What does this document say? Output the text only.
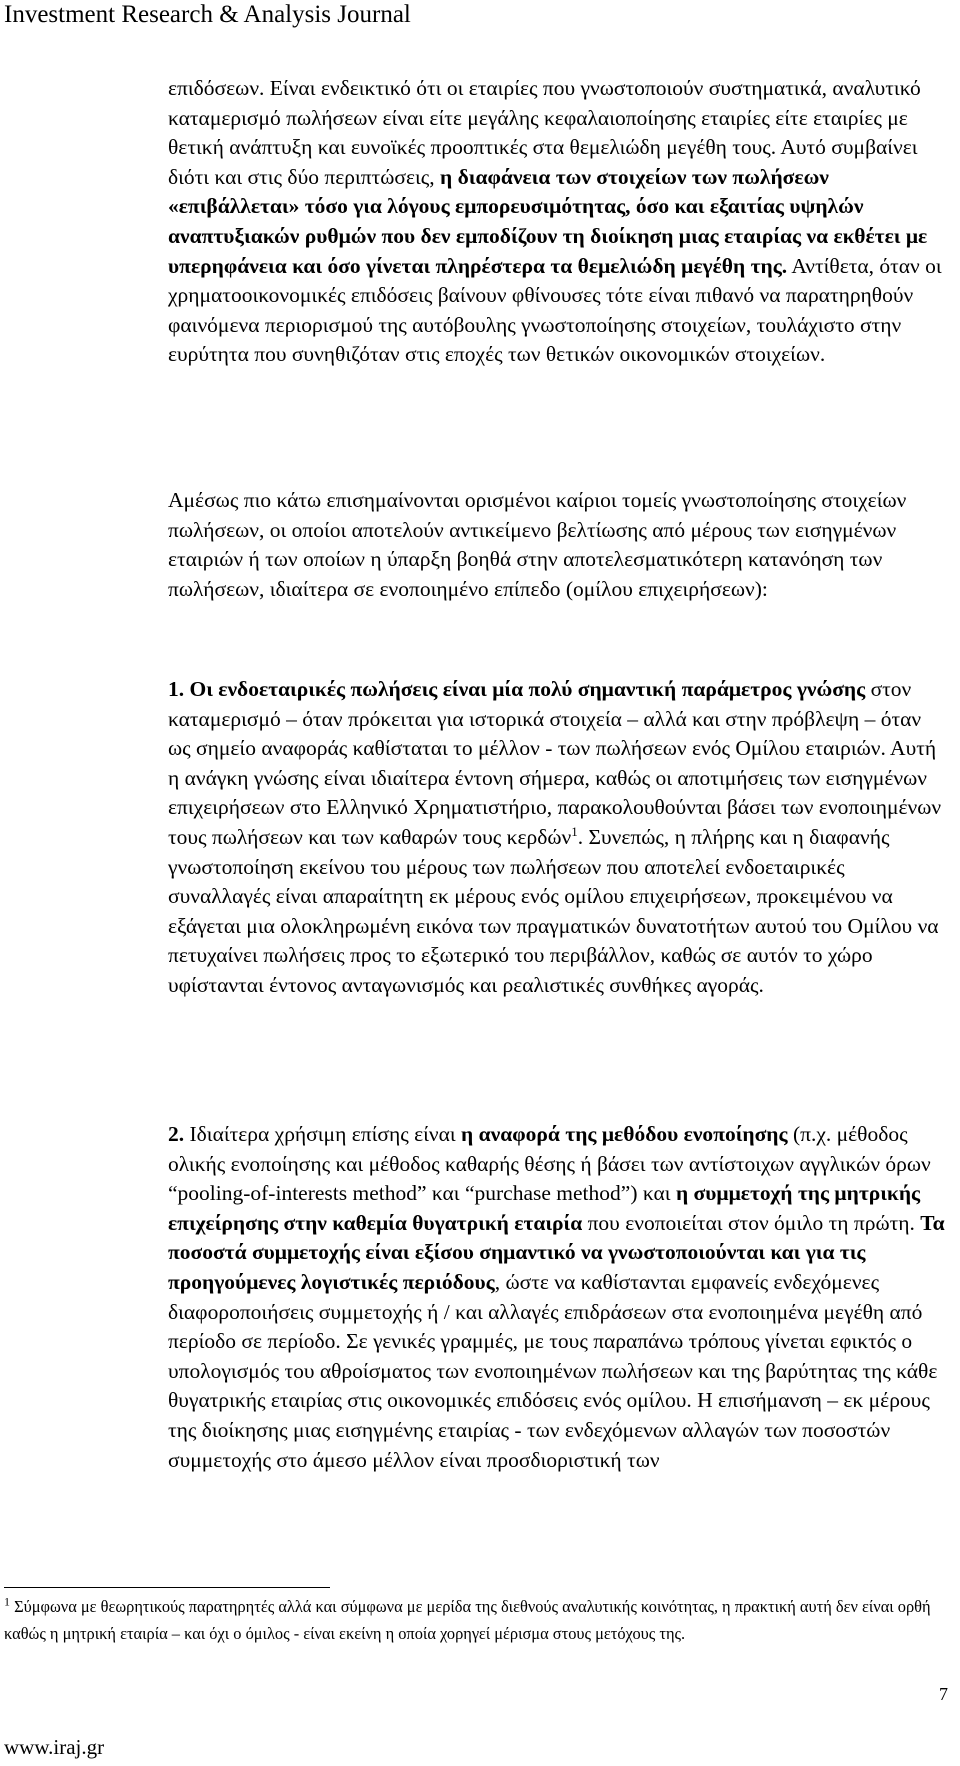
Investment Research & Analysis Journal
επιδόσεων. Είναι ενδεικτικό ότι οι εταιρίες που γνωστοποιούν συστηματικά, αναλυτικό καταμερισμό πωλήσεων είναι είτε μεγάλης κεφαλαιοποίησης εταιρίες είτε εταιρίες με θετική ανάπτυξη και ευνοϊκές προοπτικές στα θεμελιώδη μεγέθη τους. Αυτό συμβαίνει διότι και στις δύο περιπτώσεις, η διαφάνεια των στοιχείων των πωλήσεων «επιβάλλεται» τόσο για λόγους εμπορευσιμότητας, όσο και εξαιτίας υψηλών αναπτυξιακών ρυθμών που δεν εμποδίζουν τη διοίκηση μιας εταιρίας να εκθέτει με υπερηφάνεια και όσο γίνεται πληρέστερα τα θεμελιώδη μεγέθη της. Αντίθετα, όταν οι χρηματοοικονομικές επιδόσεις βαίνουν φθίνουσες τότε είναι πιθανό να παρατηρηθούν φαινόμενα περιορισμού της αυτόβουλης γνωστοποίησης στοιχείων, τουλάχιστο στην ευρύτητα που συνηθιζόταν στις εποχές των θετικών οικονομικών στοιχείων.
Αμέσως πιο κάτω επισημαίνονται ορισμένοι καίριοι τομείς γνωστοποίησης στοιχείων πωλήσεων, οι οποίοι αποτελούν αντικείμενο βελτίωσης από μέρους των εισηγμένων εταιριών ή των οποίων η ύπαρξη βοηθά στην αποτελεσματικότερη κατανόηση των πωλήσεων, ιδιαίτερα σε ενοποιημένο επίπεδο (ομίλου επιχειρήσεων):
1. Οι ενδοεταιρικές πωλήσεις είναι μία πολύ σημαντική παράμετρος γνώσης στον καταμερισμό – όταν πρόκειται για ιστορικά στοιχεία – αλλά και στην πρόβλεψη – όταν ως σημείο αναφοράς καθίσταται το μέλλον - των πωλήσεων ενός Ομίλου εταιριών. Αυτή η ανάγκη γνώσης είναι ιδιαίτερα έντονη σήμερα, καθώς οι αποτιμήσεις των εισηγμένων επιχειρήσεων στο Ελληνικό Χρηματιστήριο, παρακολουθούνται βάσει των ενοποιημένων τους πωλήσεων και των καθαρών τους κερδών$^1$. Συνεπώς, η πλήρης και η διαφανής γνωστοποίηση εκείνου του μέρους των πωλήσεων που αποτελεί ενδοεταιρικές συναλλαγές είναι απαραίτητη εκ μέρους ενός ομίλου επιχειρήσεων, προκειμένου να εξάγεται μια ολοκληρωμένη εικόνα των πραγματικών δυνατοτήτων αυτού του Ομίλου να πετυχαίνει πωλήσεις προς το εξωτερικό του περιβάλλον, καθώς σε αυτόν το χώρο υφίστανται έντονος ανταγωνισμός και ρεαλιστικές συνθήκες αγοράς.
2. Ιδιαίτερα χρήσιμη επίσης είναι η αναφορά της μεθόδου ενοποίησης (π.χ. μέθοδος ολικής ενοποίησης και μέθοδος καθαρής θέσης ή βάσει των αντίστοιχων αγγλικών όρων “pooling-of-interests method” και “purchase method”) και η συμμετοχή της μητρικής επιχείρησης στην καθεμία θυγατρική εταιρία που ενοποιείται στον όμιλο τη πρώτη. Τα ποσοστά συμμετοχής είναι εξίσου σημαντικό να γνωστοποιούνται και για τις προηγούμενες λογιστικές περιόδους, ώστε να καθίστανται εμφανείς ενδεχόμενες διαφοροποιήσεις συμμετοχής ή / και αλλαγές επιδράσεων στα ενοποιημένα μεγέθη από περίοδο σε περίοδο. Σε γενικές γραμμές, με τους παραπάνω τρόπους γίνεται εφικτός ο υπολογισμός του αθροίσματος των ενοποιημένων πωλήσεων και της βαρύτητας της κάθε θυγατρικής εταιρίας στις οικονομικές επιδόσεις ενός ομίλου. Η επισήμανση – εκ μέρους της διοίκησης μιας εισηγμένης εταιρίας - των ενδεχόμενων αλλαγών των ποσοστών συμμετοχής στο άμεσο μέλλον είναι προσδιοριστική των
$^1$ Σύμφωνα με θεωρητικούς παρατηρητές αλλά και σύμφωνα με μερίδα της διεθνούς αναλυτικής κοινότητας, η πρακτική αυτή δεν είναι ορθή καθώς η μητρική εταιρία – και όχι ο όμιλος - είναι εκείνη η οποία χορηγεί μέρισμα στους μετόχους της.
7
www.iraj.gr
